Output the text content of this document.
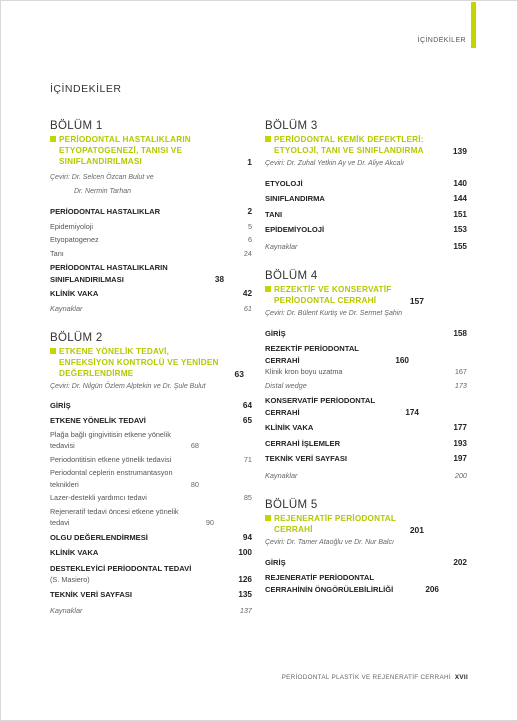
İÇİNDEKİLER
İÇİNDEKİLER
BÖLÜM 1
PERİODONTAL HASTALIKLARIN ETYOPATOGENEZİ, TANISI VE SINIFLANDIRILMASI	1
Çeviri: Dr. Selcen Özcan Bulut ve
Dr. Nermin Tarhan
PERİODONTAL HASTALIKLAR	2
Epidemiyoloji	5
Etyopatogenez	6
Tanı	24
PERİODONTAL HASTALIKLARIN SINIFLANDIRILMASI	38
KLİNİK VAKA	42
Kaynaklar	61
BÖLÜM 2
ETKENE YÖNELİK TEDAVİ, ENFEKSİYON KONTROLÜ VE YENİDEN DEĞERLENDİRME	63
Çeviri: Dr. Nilgün Özlem Alptekin ve Dr. Şule Bulut
GİRİŞ	64
ETKENE YÖNELİK TEDAVİ	65
Plağa bağlı gingivitisin etkene yönelik tedavisi	68
Periodontitisin etkene yönelik tedavisi	71
Periodontal ceplerin enstrumantasyon teknikleri	80
Lazer-destekli yardımcı tedavi	85
Rejeneratif tedavi öncesi etkene yönelik tedavi	90
OLGU DEĞERLENDİRMESİ	94
KLİNİK VAKA	100
DESTEKLEYİCİ PERİODONTAL TEDAVİ
(S. Masiero)	126
TEKNİK VERİ SAYFASI	135
Kaynaklar	137
BÖLÜM 3
PERİODONTAL KEMİK DEFEKTLERİ: ETYOLOJİ, TANI VE SINIFLANDIRMA	139
Çeviri: Dr. Zuhal Yetkin Ay ve Dr. Aliye Akcalı
ETYOLOJİ	140
SINIFLANDIRMA	144
TANI	151
EPİDEMİYOLOJİ	153
Kaynaklar	155
BÖLÜM 4
REZEKTİF VE KONSERVATİF PERİODONTAL CERRAHİ	157
Çeviri: Dr. Bülent Kurtiş ve Dr. Sermet Şahin
GİRİŞ	158
REZEKTİF PERİODONTAL CERRAHİ	160
Klinik kron boyu uzatma	167
Distal wedge	173
KONSERVATİF PERİODONTAL CERRAHİ	174
KLİNİK VAKA	177
CERRAHİ İŞLEMLER	193
TEKNİK VERİ SAYFASI	197
Kaynaklar	200
BÖLÜM 5
REJENERATİF PERİODONTAL CERRAHİ	201
Çeviri: Dr. Tamer Ataoğlu ve Dr. Nur Balcı
GİRİŞ	202
REJENERATİF PERİODONTAL CERRAHİNİN ÖNGÖRÜLEBİLİRLİĞİ	206
PERİODONTAL PLASTİK VE REJENERATİF CERRAHİ XVII
